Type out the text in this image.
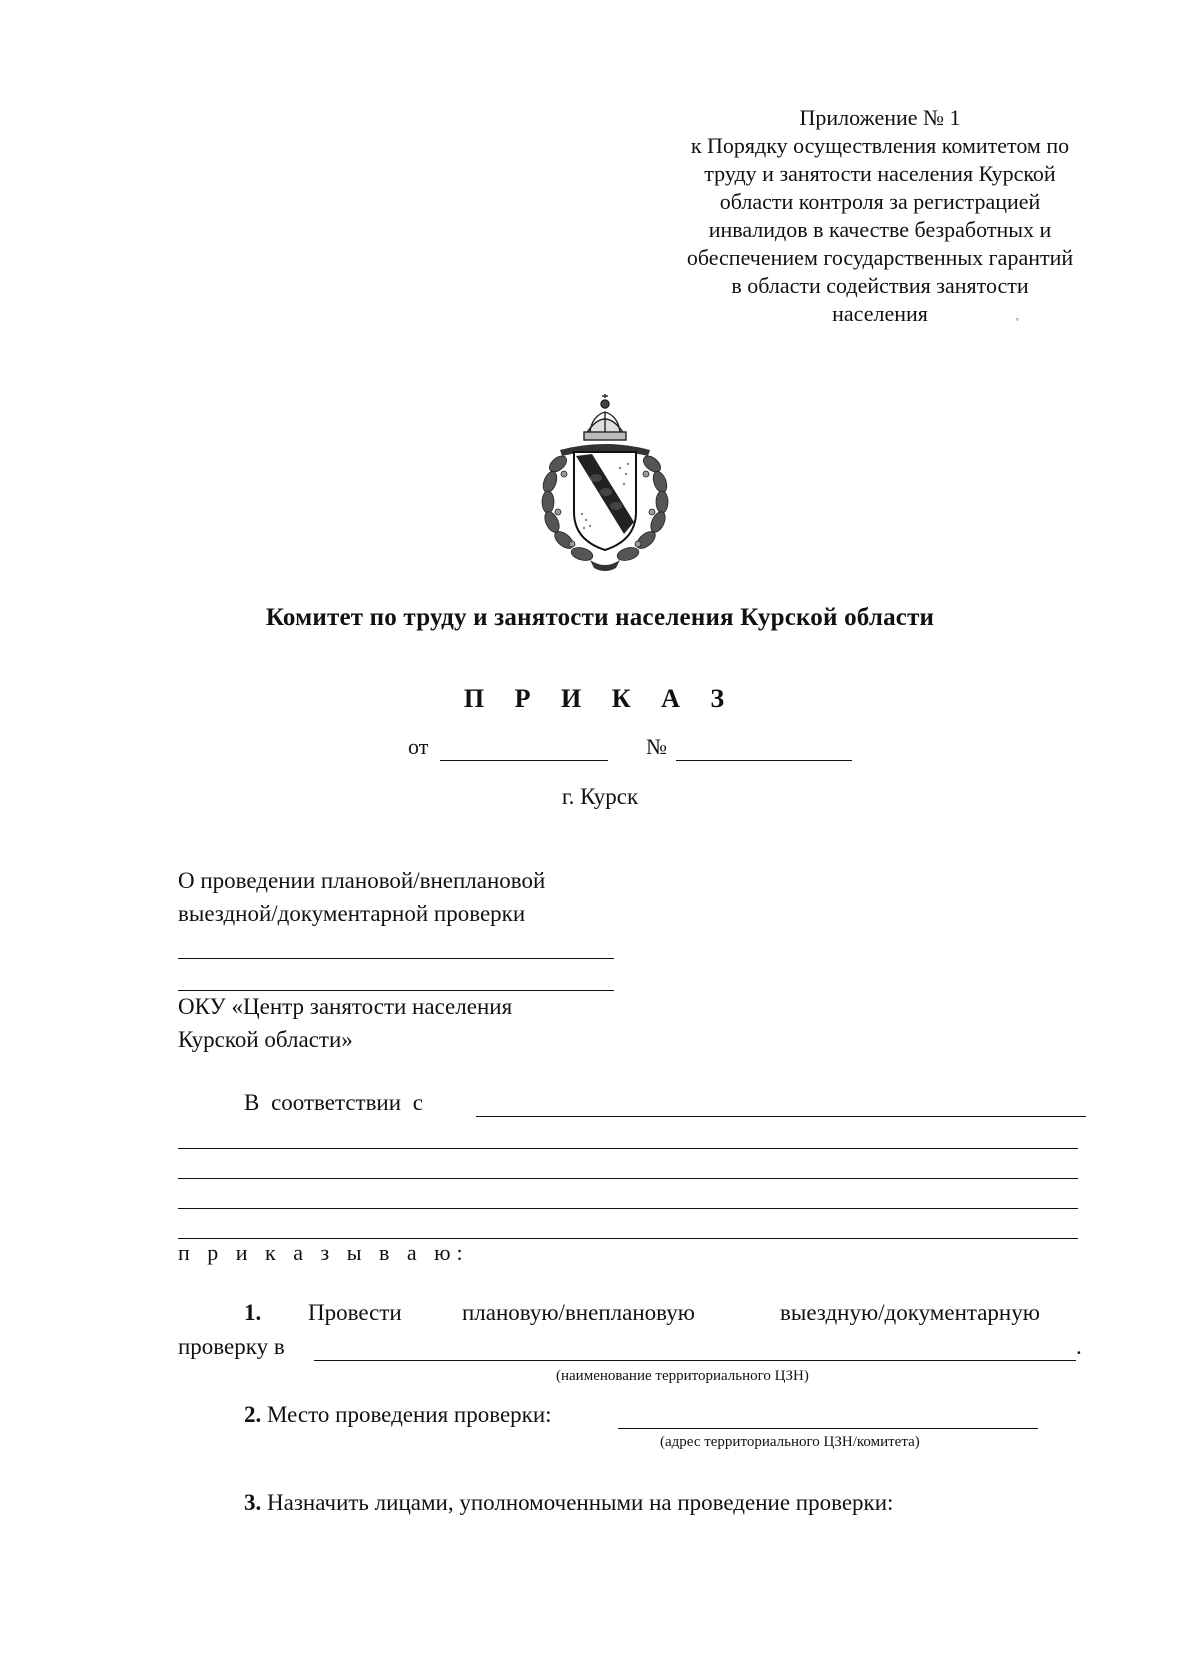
Приложение № 1
к Порядку осуществления комитетом по
труду и занятости населения Курской
области контроля за регистрацией
инвалидов в качестве безработных и
обеспечением государственных гарантий
в области содействия занятости
населения	ᵥ
Комитет по труду и занятости населения Курской области
П Р И К А З
от	№
г. Курск
О проведении плановой/внеплановой
выездной/документарной проверки
ОКУ «Центр занятости населения
Курской области»
В соответствии с
п р и к а з ы в а ю:
1. Провести	плановую/внеплановую	выездную/документарную
проверку в	.
(наименование территориального ЦЗН)
2. Место проведения проверки:
(адрес территориального ЦЗН/комитета)
3. Назначить лицами, уполномоченными на проведение проверки:
